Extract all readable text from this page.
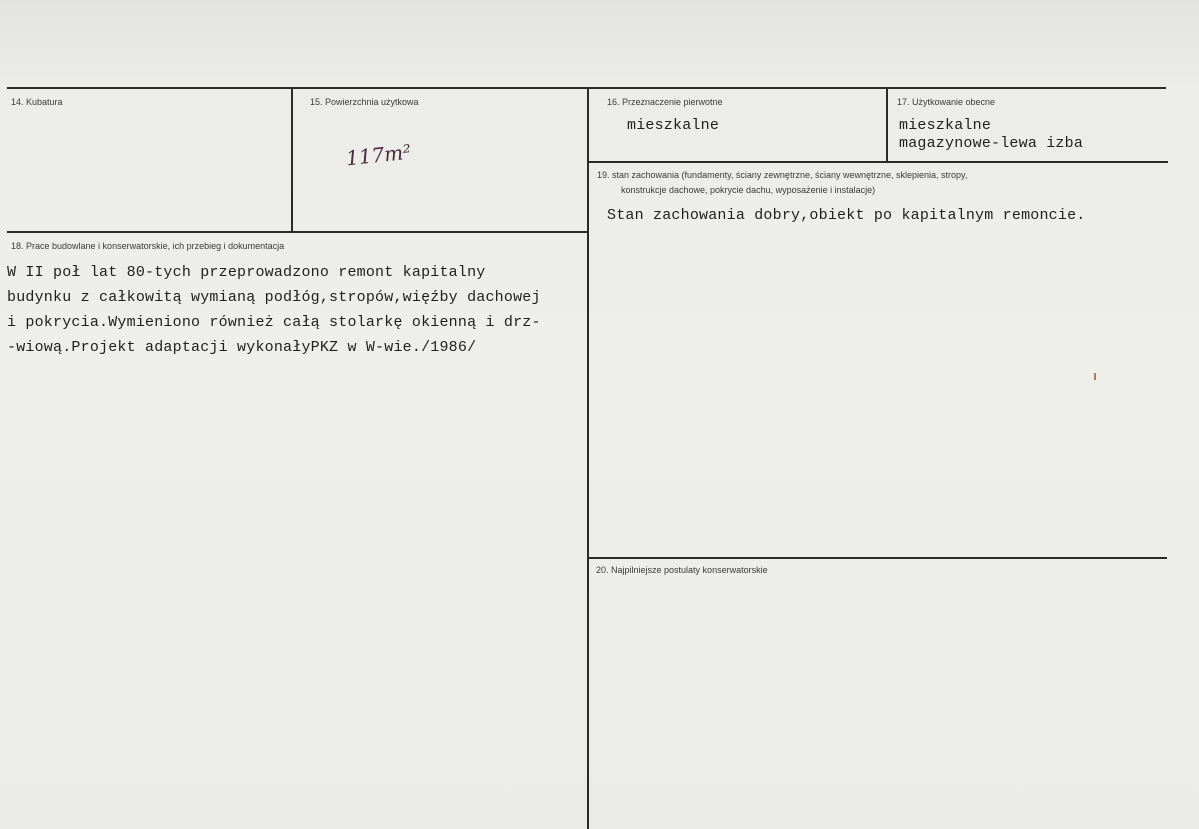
14. Kubatura	15. Powierzchnia użytkowa
117m²
16. Przeznaczenie pierwotne
mieszkalne
17. Użytkowanie obecne
mieszkalne
magazynowe-lewa izba
18. Prace budowlane i konserwatorskie, ich przebieg i dokumentacja
W II poł lat 80-tych przeprowadzono remont kapitalny
budynku z całkowitą wymianą podłóg,stropów,więźby dachowej
i pokrycia.Wymieniono również całą stolarkę okienną i drz-
-wiową.Projekt adaptacji wykonałyPKZ w W-wie./1986/
19. stan zachowania (fundamenty, ściany zewnętrzne, ściany wewnętrzne, sklepienia, stropy,
konstrukcje dachowe, pokrycie dachu, wyposażenie i instalacje)
Stan zachowania dobry,obiekt po kapitalnym remoncie.
20. Najpilniejsze postulaty konserwatorskie
